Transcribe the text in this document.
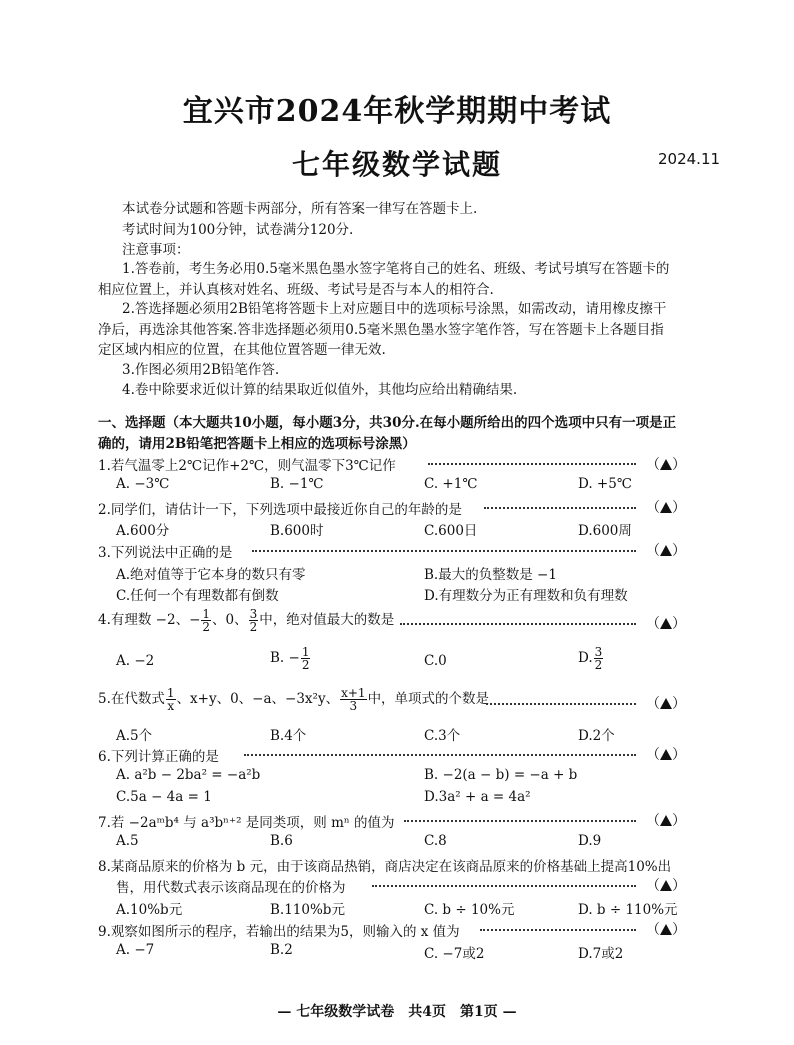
宜兴市2024年秋学期期中考试
七年级数学试题	2024.11
本试卷分试题和答题卡两部分，所有答案一律写在答题卡上.
考试时间为100分钟，试卷满分120分.
注意事项：
1.答卷前，考生务必用0.5毫米黑色墨水签字笔将自己的姓名、班级、考试号填写在答题卡的
相应位置上，并认真核对姓名、班级、考试号是否与本人的相符合.
2.答选择题必须用2B铅笔将答题卡上对应题目中的选项标号涂黑，如需改动，请用橡皮擦干
净后，再选涂其他答案.答非选择题必须用0.5毫米黑色墨水签字笔作答，写在答题卡上各题目指
定区域内相应的位置，在其他位置答题一律无效.
3.作图必须用2B铅笔作答.
4.卷中除要求近似计算的结果取近似值外，其他均应给出精确结果.
一、选择题（本大题共10小题，每小题3分，共30分.在每小题所给出的四个选项中只有一项是正
确的，请用2B铅笔把答题卡上相应的选项标号涂黑）
1.若气温零上2℃记作+2℃，则气温零下3℃记作	（ ）
A. −3℃	B. −1℃	C. +1℃	D. +5℃
2.同学们，请估计一下，下列选项中最接近你自己的年龄的是	（ ）
A.600分	B.600时	C.600日	D.600周
3.下列说法中正确的是	（ ）
A.绝对值等于它本身的数只有零	B.最大的负整数是 −1
C.任何一个有理数都有倒数	D.有理数分为正有理数和负有理数
4.有理数 −2、− $\frac{1}{2}$ 、0、 $\frac{3}{2}$ 中，绝对值最大的数是	（ ）
A. −2	B. − $\frac{1}{2}$	C.0	D. $\frac{3}{2}$
5.在代数式 $\frac{1}{x}$ 、x+y、0、−a、−3x²y、 $\frac{x+1}{3}$ 中，单项式的个数是	（ ）
A.5个	B.4个	C.3个	D.2个
6.下列计算正确的是	（ ）
A. a²b − 2ba² = −a²b	B. −2(a − b) = −a + b
C.5a − 4a = 1	D.3a² + a = 4a²
7.若 −2aᵐb⁴ 与 a³bⁿ⁺² 是同类项，则 mⁿ 的值为	（ ）
A.5	B.6	C.8	D.9
8.某商品原来的价格为 b 元，由于该商品热销，商店决定在该商品原来的价格基础上提高10%出
售，用代数式表示该商品现在的价格为	（ ）
A.10%b元	B.110%b元	C. b ÷ 10%元	D. b ÷ 110%元
9.观察如图所示的程序，若输出的结果为5，则输入的 x 值为	（ ）
A. −7	B.2	C. −7或2	D.7或2
— 七年级数学试卷　共4页　第1页 —
